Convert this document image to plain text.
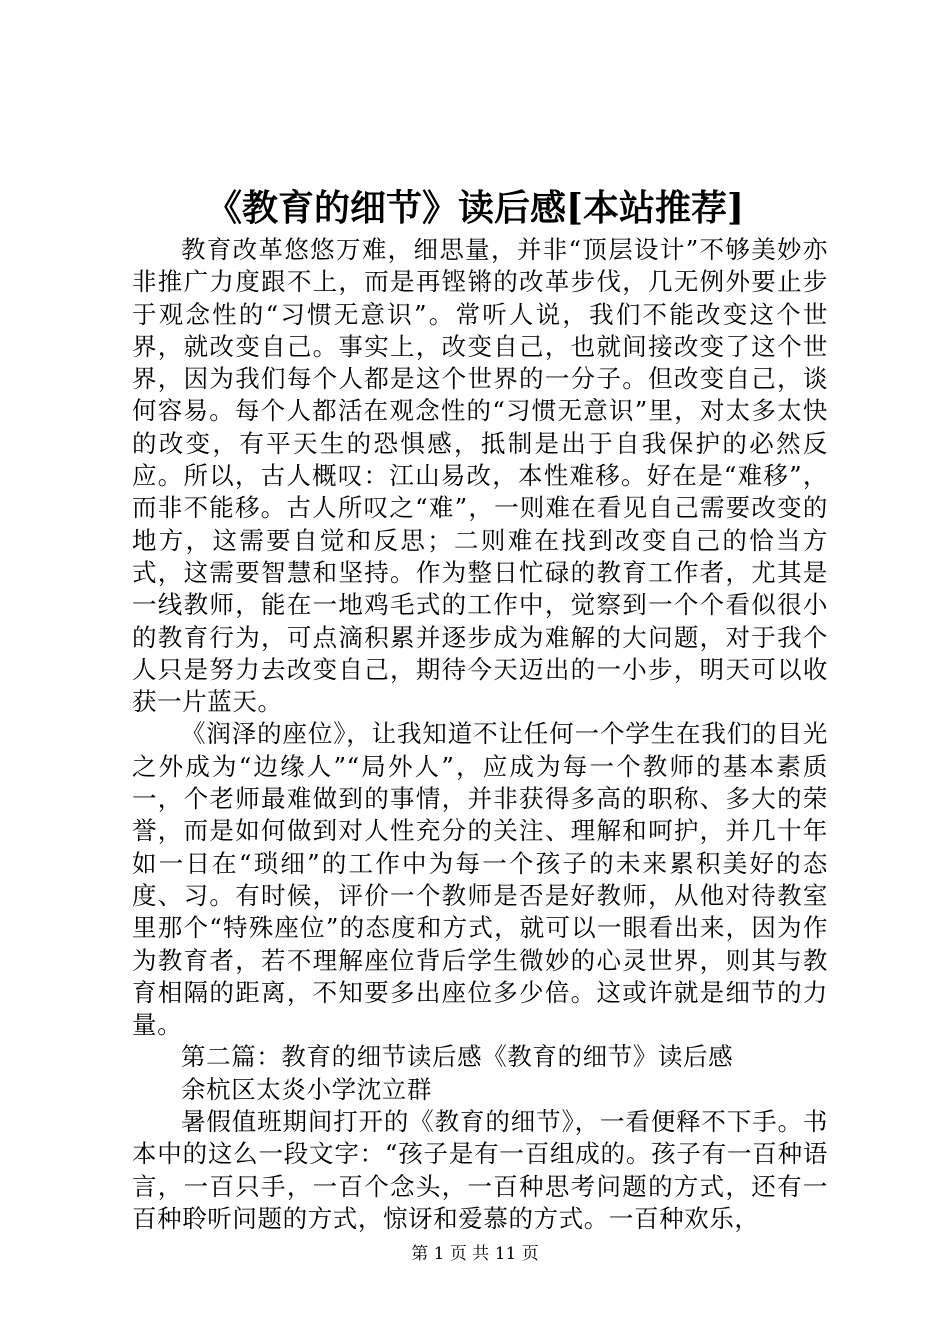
《教育的细节》读后感[本站推荐]

教育改革悠悠万难，细思量，并非“顶层设计”不够美妙亦非推广力度跟不上，而是再铿锵的改革步伐，几无例外要止步于观念性的“习惯无意识”。常听人说，我们不能改变这个世界，就改变自己。事实上，改变自己，也就间接改变了这个世界，因为我们每个人都是这个世界的一分子。但改变自己，谈何容易。每个人都活在观念性的“习惯无意识”里，对太多太快的改变，有平天生的恐惧感，抵制是出于自我保护的必然反应。所以，古人概叹：江山易改，本性难移。好在是“难移”，而非不能移。古人所叹之“难”，一则难在看见自己需要改变的地方，这需要自觉和反思；二则难在找到改变自己的恰当方式，这需要智慧和坚持。作为整日忙碌的教育工作者，尤其是一线教师，能在一地鸡毛式的工作中，觉察到一个个看似很小的教育行为，可点滴积累并逐步成为难解的大问题，对于我个人只是努力去改变自己，期待今天迈出的一小步，明天可以收获一片蓝天。

《润泽的座位》，让我知道不让任何一个学生在我们的目光之外成为“边缘人”“局外人”，应成为每一个教师的基本素质一，个老师最难做到的事情，并非获得多高的职称、多大的荣誉，而是如何做到对人性充分的关注、理解和呵护，并几十年如一日在“琐细”的工作中为每一个孩子的未来累积美好的态度、习。有时候，评价一个教师是否是好教师，从他对待教室里那个“特殊座位”的态度和方式，就可以一眼看出来，因为作为教育者，若不理解座位背后学生微妙的心灵世界，则其与教育相隔的距离，不知要多出座位多少倍。这或许就是细节的力量。

第二篇：教育的细节读后感《教育的细节》读后感

余杭区太炎小学沈立群

暑假值班期间打开的《教育的细节》，一看便释不下手。书本中的这么一段文字：“孩子是有一百组成的。孩子有一百种语言，一百只手，一百个念头，一百种思考问题的方式，还有一百种聆听问题的方式，惊讶和爱慕的方式。一百种欢乐，

第 1 页 共 11 页
